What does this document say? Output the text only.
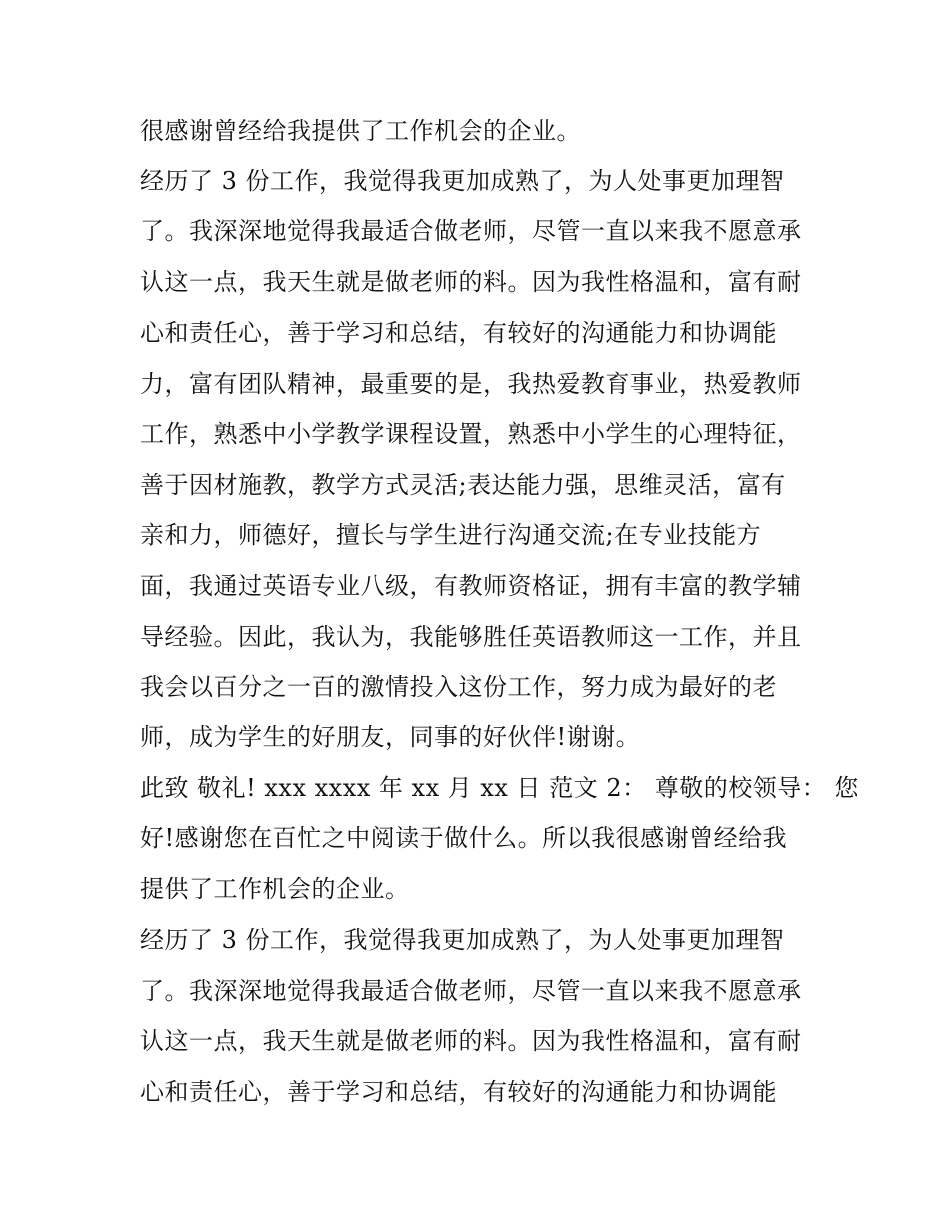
很感谢曾经给我提供了工作机会的企业。
经历了 3 份工作，我觉得我更加成熟了，为人处事更加理智
了。我深深地觉得我最适合做老师，尽管一直以来我不愿意承
认这一点，我天生就是做老师的料。因为我性格温和，富有耐
心和责任心，善于学习和总结，有较好的沟通能力和协调能
力，富有团队精神，最重要的是，我热爱教育事业，热爱教师
工作，熟悉中小学教学课程设置，熟悉中小学生的心理特征，
善于因材施教，教学方式灵活;表达能力强，思维灵活，富有
亲和力，师德好，擅长与学生进行沟通交流;在专业技能方
面，我通过英语专业八级，有教师资格证，拥有丰富的教学辅
导经验。因此，我认为，我能够胜任英语教师这一工作，并且
我会以百分之一百的激情投入这份工作，努力成为最好的老
师，成为学生的好朋友，同事的好伙伴!谢谢。
此致 敬礼! xxx xxxx 年 xx 月 xx 日 范文 2： 尊敬的校领导： 您
好!感谢您在百忙之中阅读于做什么。所以我很感谢曾经给我
提供了工作机会的企业。
经历了 3 份工作，我觉得我更加成熟了，为人处事更加理智
了。我深深地觉得我最适合做老师，尽管一直以来我不愿意承
认这一点，我天生就是做老师的料。因为我性格温和，富有耐
心和责任心，善于学习和总结，有较好的沟通能力和协调能
